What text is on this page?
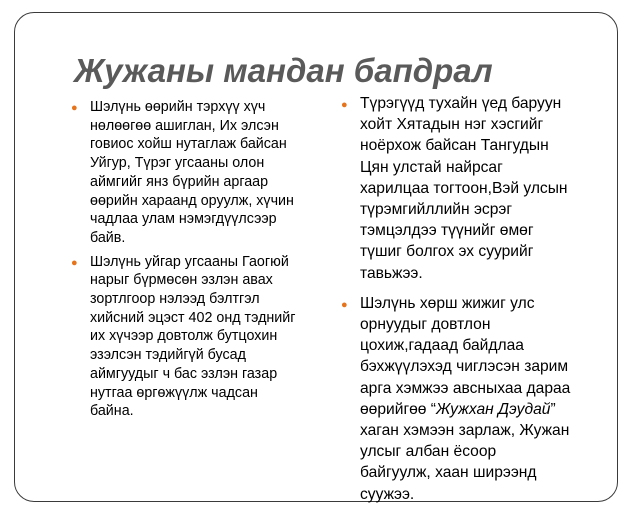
Жужаны мандан бапдрал
● Шэлүнь өөрийн тэрхүү хүч
нөлөөгөө ашиглан, Их элсэн
говиос хойш нутаглаж байсан
Уйгур, Түрэг угсааны олон
аймгийг янз бүрийн аргаар
өөрийн хараанд оруулж, хүчин
чадлаа улам нэмэгдүүлсээр
байв.
● Шэлүнь уйгар угсааны Гаогюй
нарыг бүрмөсөн эзлэн авах
зортлгоор нэлээд бэлтгэл
хийсний эцэст 402 онд тэднийг
их хүчээр довтолж бутцохин
эзэлсэн тэдийгүй бусад
аймгуудыг ч бас эзлэн газар
нутгаа өргөжүүлж чадсан
байна.
● Түрэгүүд тухайн үед баруун
хойт Хятадын нэг хэсгийг
ноёрхож байсан Тангудын
Цян улстай найрсаг
харилцаа тогтоон,Вэй улсын
түрэмгийллийн эсрэг
тэмцэлдээ түүнийг өмөг
түшиг болгох эх суурийг
тавьжээ.
● Шэлүнь хөрш жижиг улс
орнуудыг довтлон
цохиж,гадаад байдлаа
бэхжүүлэхэд чиглэсэн зарим
арга хэмжээ авсныхаа дараа
өөрийгөө “Жужхан Дэудай”
хаган хэмээн зарлаж, Жужан
улсыг албан ёсоор
байгуулж, хаан ширээнд
суужээ.
